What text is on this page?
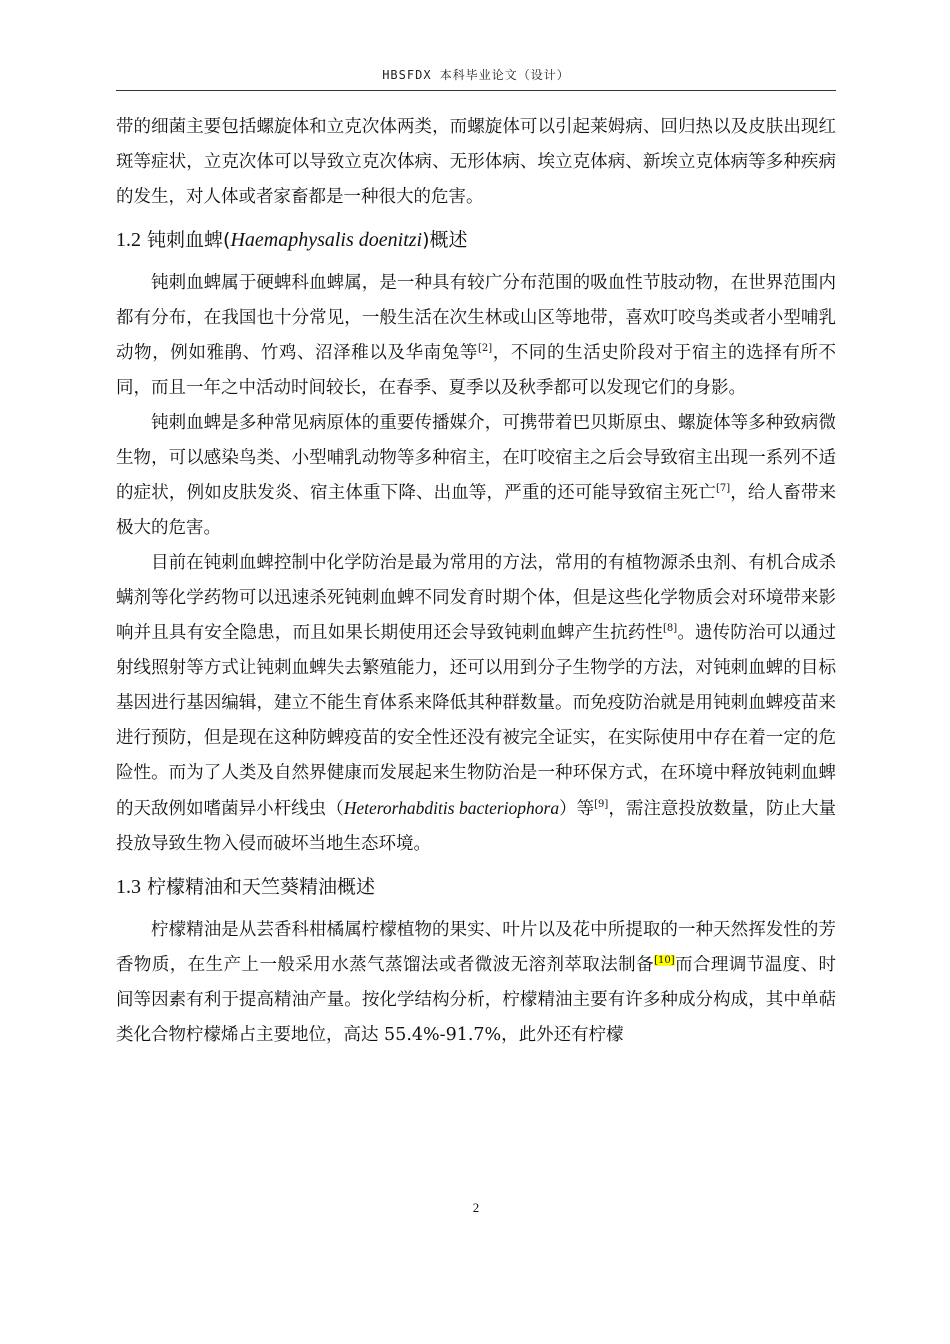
HBSFDX 本科毕业论文（设计）

带的细菌主要包括螺旋体和立克次体两类，而螺旋体可以引起莱姆病、回归热以及皮肤出现红斑等症状，立克次体可以导致立克次体病、无形体病、埃立克体病、新埃立克体病等多种疾病的发生，对人体或者家畜都是一种很大的危害。

1.2 钝刺血蜱(Haemaphysalis doenitzi)概述

钝刺血蜱属于硬蜱科血蜱属，是一种具有较广分布范围的吸血性节肢动物，在世界范围内都有分布，在我国也十分常见，一般生活在次生林或山区等地带，喜欢叮咬鸟类或者小型哺乳动物，例如雅鹃、竹鸡、沼泽稚以及华南兔等[2]，不同的生活史阶段对于宿主的选择有所不同，而且一年之中活动时间较长，在春季、夏季以及秋季都可以发现它们的身影。

钝刺血蜱是多种常见病原体的重要传播媒介，可携带着巴贝斯原虫、螺旋体等多种致病微生物，可以感染鸟类、小型哺乳动物等多种宿主，在叮咬宿主之后会导致宿主出现一系列不适的症状，例如皮肤发炎、宿主体重下降、出血等，严重的还可能导致宿主死亡[7]，给人畜带来极大的危害。

目前在钝刺血蜱控制中化学防治是最为常用的方法，常用的有植物源杀虫剂、有机合成杀螨剂等化学药物可以迅速杀死钝刺血蜱不同发育时期个体，但是这些化学物质会对环境带来影响并且具有安全隐患，而且如果长期使用还会导致钝刺血蜱产生抗药性[8]。遗传防治可以通过射线照射等方式让钝刺血蜱失去繁殖能力，还可以用到分子生物学的方法，对钝刺血蜱的目标基因进行基因编辑，建立不能生育体系来降低其种群数量。而免疫防治就是用钝刺血蜱疫苗来进行预防，但是现在这种防蜱疫苗的安全性还没有被完全证实，在实际使用中存在着一定的危险性。而为了人类及自然界健康而发展起来生物防治是一种环保方式，在环境中释放钝刺血蜱的天敌例如嗜菌异小杆线虫（Heterorhabditis bacteriophora）等[9]，需注意投放数量，防止大量投放导致生物入侵而破坏当地生态环境。

1.3 柠檬精油和天竺葵精油概述

柠檬精油是从芸香科柑橘属柠檬植物的果实、叶片以及花中所提取的一种天然挥发性的芳香物质，在生产上一般采用水蒸气蒸馏法或者微波无溶剂萃取法制备[10]而合理调节温度、时间等因素有利于提高精油产量。按化学结构分析，柠檬精油主要有许多种成分构成，其中单萜类化合物柠檬烯占主要地位，高达 55.4%-91.7%，此外还有柠檬

2
